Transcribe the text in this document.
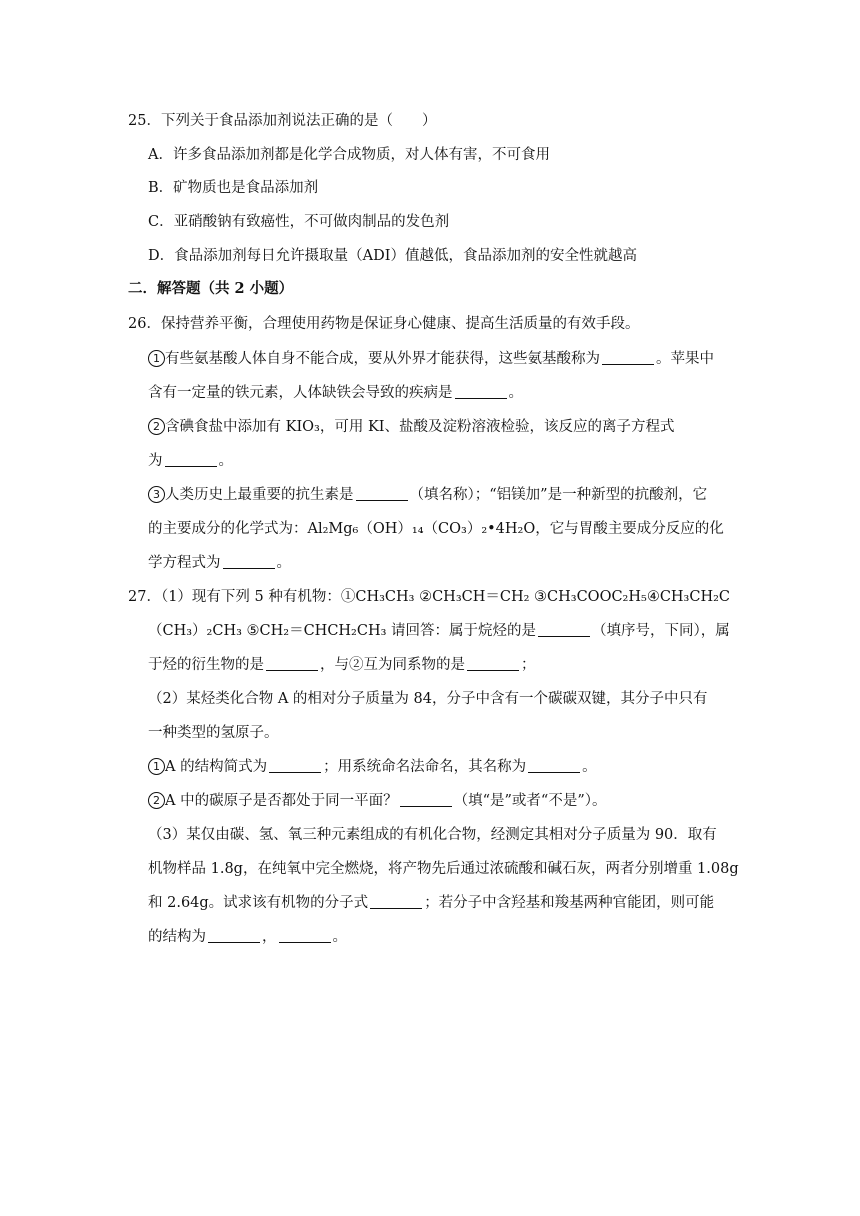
25．下列关于食品添加剂说法正确的是（　　）
A．许多食品添加剂都是化学合成物质，对人体有害，不可食用
B．矿物质也是食品添加剂
C．亚硝酸钠有致癌性，不可做肉制品的发色剂
D．食品添加剂每日允许摄取量（ADI）值越低，食品添加剂的安全性就越高
二．解答题（共 2 小题）
26．保持营养平衡，合理使用药物是保证身心健康、提高生活质量的有效手段。
1 有些氨基酸人体自身不能合成，要从外界才能获得，这些氨基酸称为	。苹果中
含有一定量的铁元素，人体缺铁会导致的疾病是	。
2 含碘食盐中添加有 KIO₃，可用 KI、盐酸及淀粉溶液检验，该反应的离子方程式
为	。
3 人类历史上最重要的抗生素是	（填名称）；“铝镁加”是一种新型的抗酸剂，它
的主要成分的化学式为：Al₂Mg₆（OH）₁₄（CO₃）₂•4H₂O，它与胃酸主要成分反应的化
学方程式为	。
27．（1）现有下列 5 种有机物：①CH₃CH₃ ②CH₃CH＝CH₂ ③CH₃COOC₂H₅④CH₃CH₂C
（CH₃）₂CH₃ ⑤CH₂＝CHCH₂CH₃ 请回答：属于烷烃的是	（填序号，下同），属
于烃的衍生物的是	，与②互为同系物的是	；
（2）某烃类化合物 A 的相对分子质量为 84，分子中含有一个碳碳双键，其分子中只有
一种类型的氢原子。
1 A 的结构简式为	；用系统命名法命名，其名称为	。
2 A 中的碳原子是否都处于同一平面？	（填“是”或者“不是”）。
（3）某仅由碳、氢、氧三种元素组成的有机化合物，经测定其相对分子质量为 90．取有
机物样品 1.8g，在纯氧中完全燃烧，将产物先后通过浓硫酸和碱石灰，两者分别增重 1.08g
和 2.64g。试求该有机物的分子式	；若分子中含羟基和羧基两种官能团，则可能
的结构为	，	。
